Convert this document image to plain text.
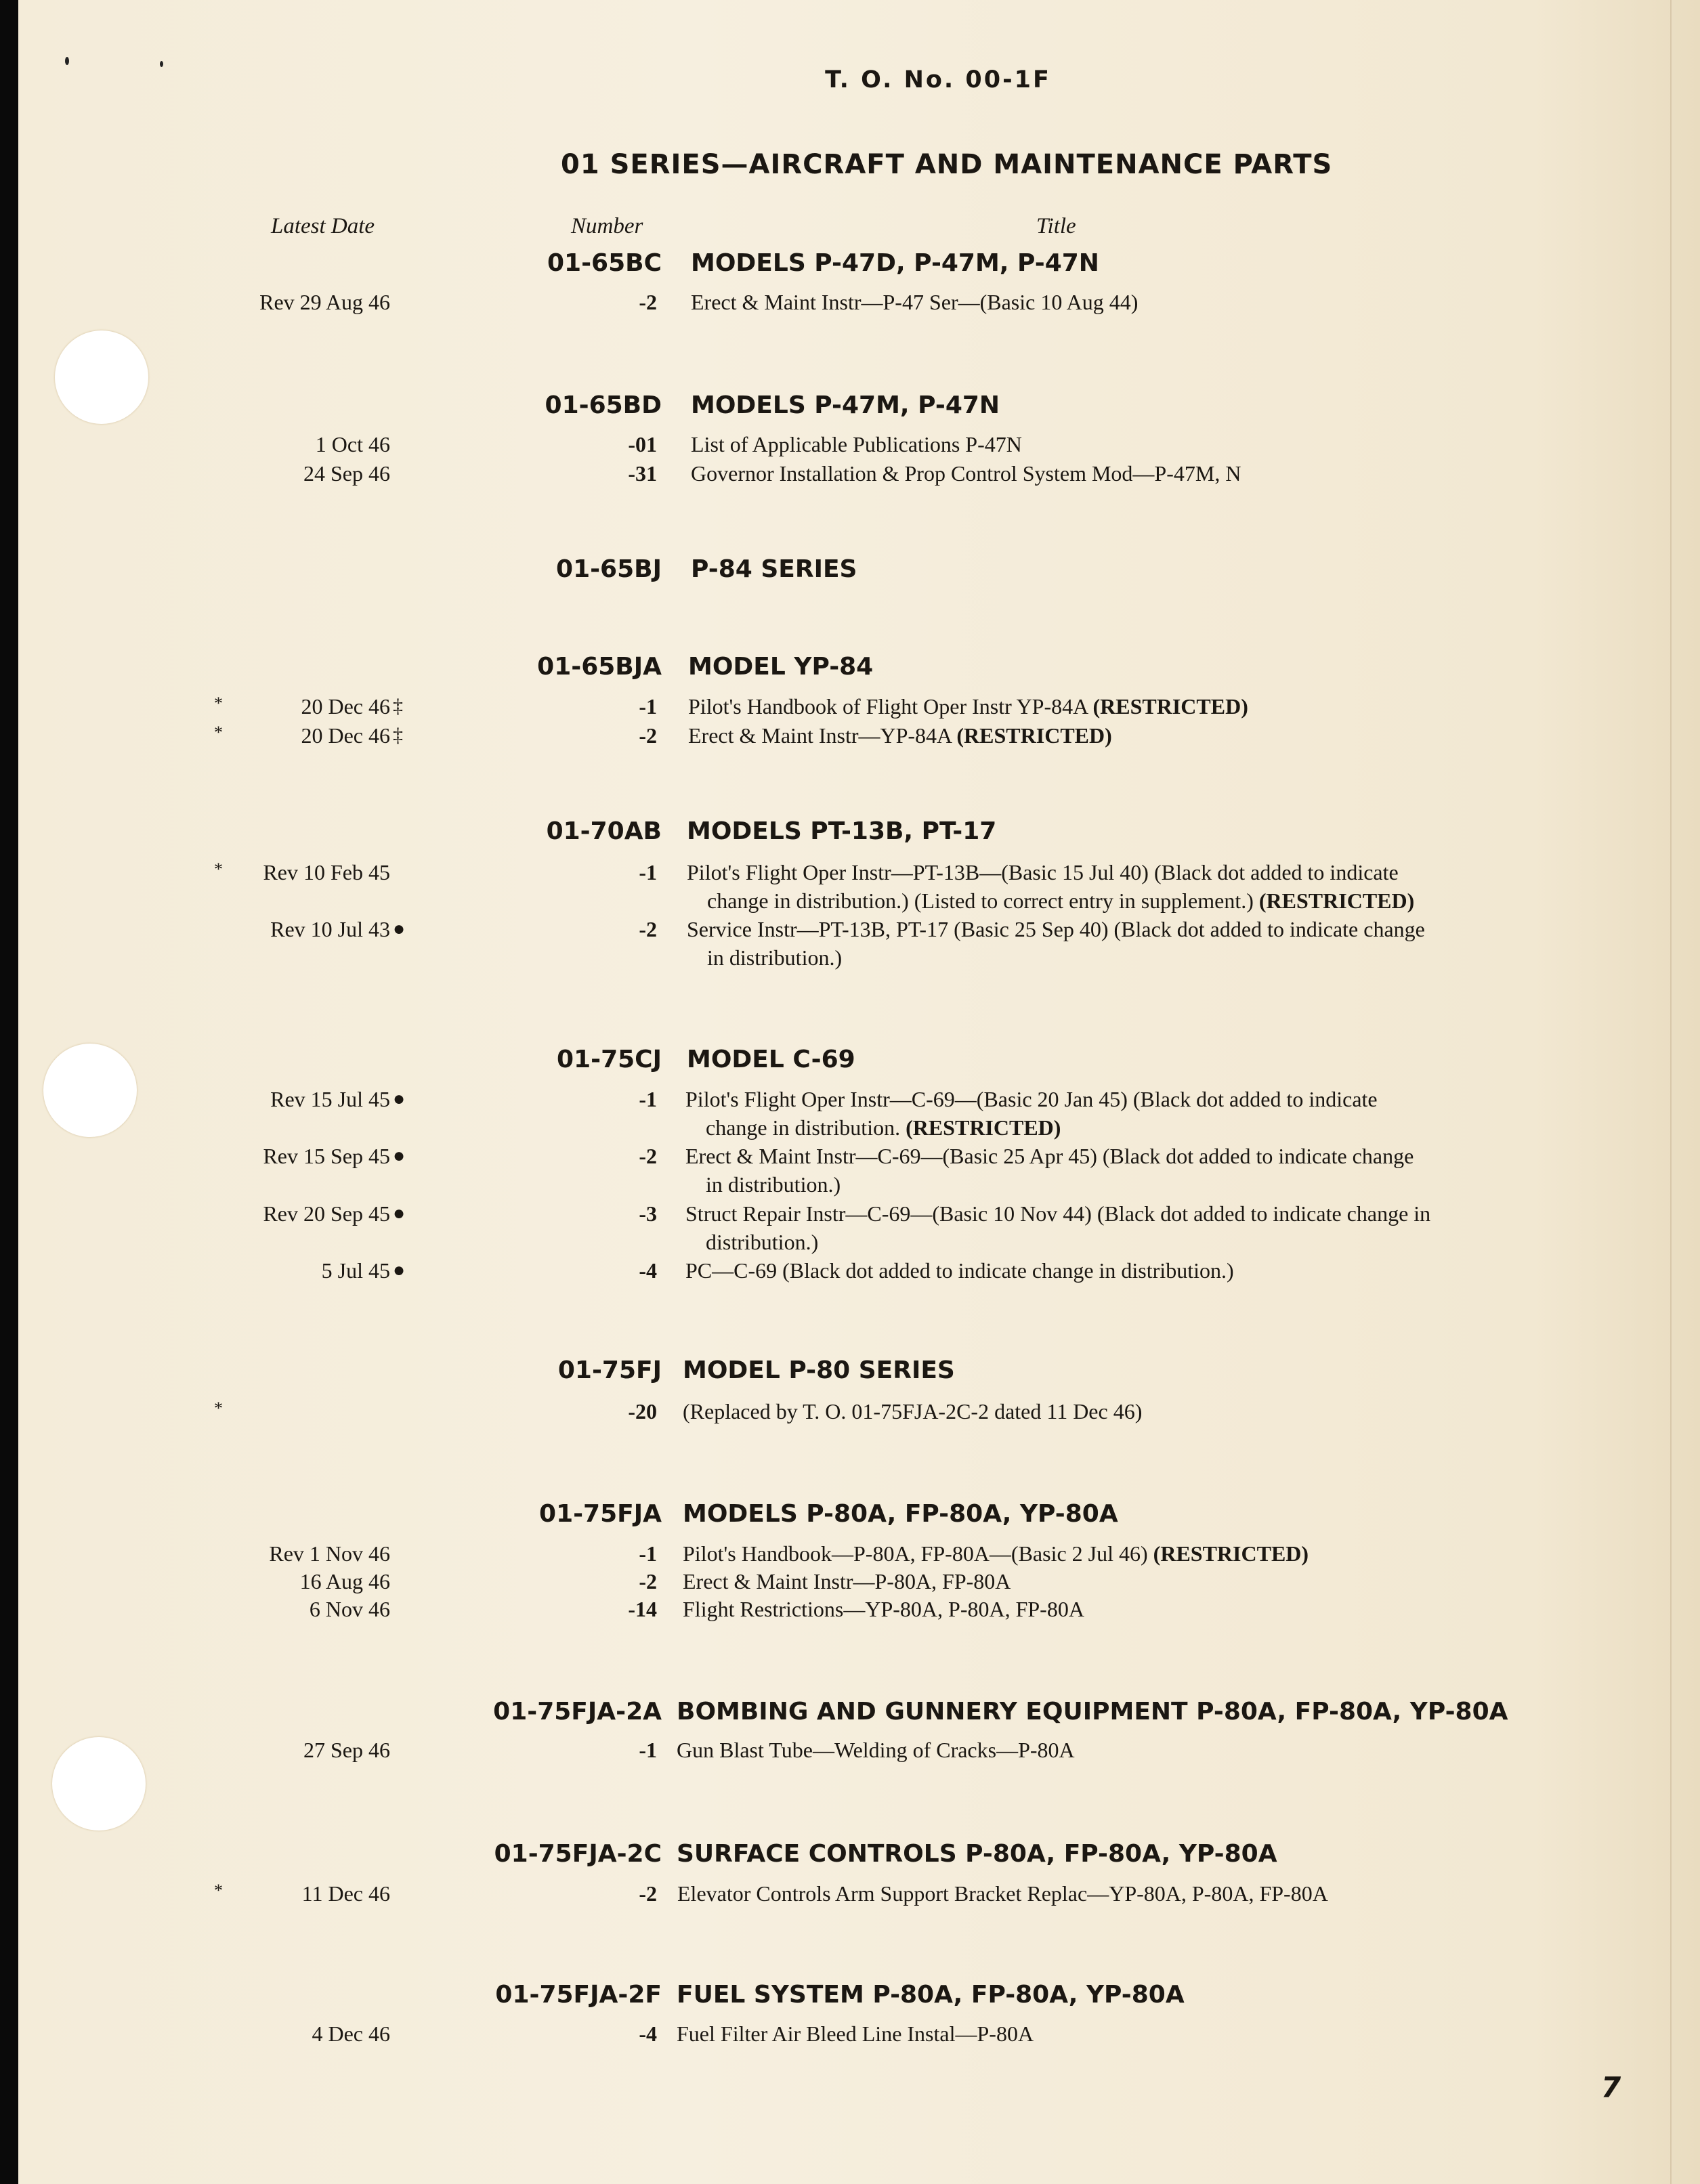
T. O. No. 00-1F
01 SERIES—AIRCRAFT AND MAINTENANCE PARTS
Latest Date	Number	Title
01-65BC MODELS P-47D, P-47M, P-47N
Rev 29 Aug 46	-2 Erect & Maint Instr—P-47 Ser—(Basic 10 Aug 44)
01-65BD MODELS P-47M, P-47N
1 Oct 46	-01 List of Applicable Publications P-47N
24 Sep 46	-31 Governor Installation & Prop Control System Mod—P-47M, N
01-65BJ P-84 SERIES
01-65BJA MODEL YP-84
*	20 Dec 46 ‡	-1 Pilot's Handbook of Flight Oper Instr YP-84A (RESTRICTED)
*	20 Dec 46 ‡	-2 Erect & Maint Instr—YP-84A (RESTRICTED)
01-70AB MODELS PT-13B, PT-17
* Rev 10 Feb 45	-1 Pilot's Flight Oper Instr—PT-13B—(Basic 15 Jul 40) (Black dot added to indicate
change in distribution.) (Listed to correct entry in supplement.) (RESTRICTED)
Rev 10 Jul 43 ●	-2 Service Instr—PT-13B, PT-17 (Basic 25 Sep 40) (Black dot added to indicate change
in distribution.)
01-75CJ MODEL C-69
Rev 15 Jul 45 ●	-1 Pilot's Flight Oper Instr—C-69—(Basic 20 Jan 45) (Black dot added to indicate
change in distribution. (RESTRICTED)
Rev 15 Sep 45 ●	-2 Erect & Maint Instr—C-69—(Basic 25 Apr 45) (Black dot added to indicate change
in distribution.)
Rev 20 Sep 45 ●	-3 Struct Repair Instr—C-69—(Basic 10 Nov 44) (Black dot added to indicate change in
distribution.)
5 Jul 45 ●	-4 PC—C-69 (Black dot added to indicate change in distribution.)
01-75FJ MODEL P-80 SERIES
*	-20 (Replaced by T. O. 01-75FJA-2C-2 dated 11 Dec 46)
01-75FJA MODELS P-80A, FP-80A, YP-80A
Rev 1 Nov 46	-1 Pilot's Handbook—P-80A, FP-80A—(Basic 2 Jul 46) (RESTRICTED)
16 Aug 46	-2 Erect & Maint Instr—P-80A, FP-80A
6 Nov 46	-14 Flight Restrictions—YP-80A, P-80A, FP-80A
01-75FJA-2A BOMBING AND GUNNERY EQUIPMENT P-80A, FP-80A, YP-80A
27 Sep 46	-1 Gun Blast Tube—Welding of Cracks—P-80A
01-75FJA-2C SURFACE CONTROLS P-80A, FP-80A, YP-80A
*	11 Dec 46	-2 Elevator Controls Arm Support Bracket Replac—YP-80A, P-80A, FP-80A
01-75FJA-2F FUEL SYSTEM P-80A, FP-80A, YP-80A
4 Dec 46	-4 Fuel Filter Air Bleed Line Instal—P-80A
7
